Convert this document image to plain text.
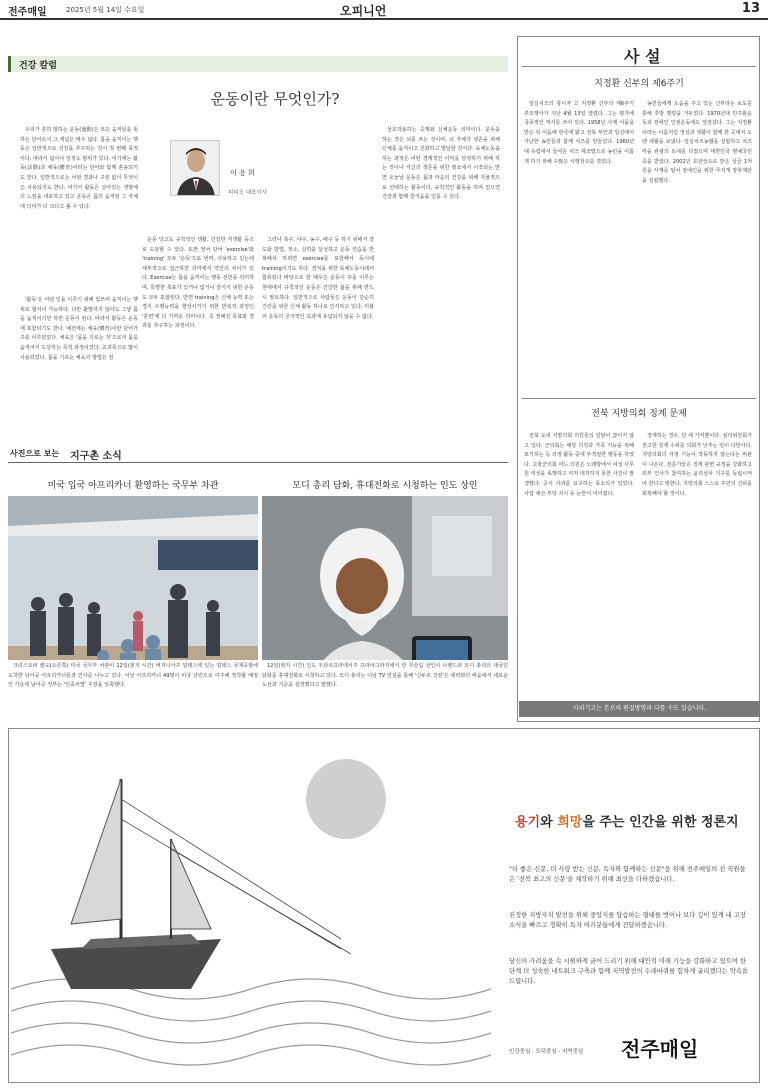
전주매일	2025년 5월 14일 수요일	오피니언	13
건강 칼럼
운동이란 무엇인가?

우리가 흔히 말하는 운동(運動)은 모든 움직임을 뜻하는 단어로서 그 개념은 매우 넓다. 몸을 움직이는 행동은 일반적으로 건강을 추구하는 것이 첫 번째 목적이다. 따라서 넓이나 일정도 범위가 있다. 여기에는 활동(活動)과 체육(體育)이라는 단어와 함께 혼용되기도 한다. 일반적으로는 어떤 결과나 구분 없이 무엇이든 사용되기도 한다. 여기서 활동은 살아있는 생명체의 느낌을 내포하고 있고 운동은 몸의 움직임 그 자체에 의미가 더 크다고 볼 수 있다.

'활동'은 어떤 일을 이루기 위해 힘쓰며 움직이는 행위로 협서이 가능하다. 다만 활발하지 않아도 그냥 몸을 움직이기만 하면 운동이 된다. 따라서 활동은 운동에 포함되기도 한다. 예전에는 체육(體育)이란 단어가 주를 이루었었다. 체육은 '몸을 기르는 것'으로서 몸을 움직여서 도달하는 목적 과정이었다. 교과목으로 많이 사용되었다. 몸을 기르는 체육의 방법은 전

이 응 희
피티모 대표이사

운동 당고도 규칙적인 생활, 건강한 식생활 등으로 도달할 수 있다. 또한 영어 단어 'exercise'와 'training' 모두 '운동'으로 번역, 사용하고 있는데 세부적으로 접근하면 의미에서 약간의 차이가 있다. Exercise는 몸을 움직이는 행동 전반을 의미하며, 특별한 목표가 있거나 없거나 즐기기 위한 운동도 모두 포함된다. 반면 training은 신체 능력 또는 경기 수행능력을 향상시키기 위한 반복적 과정인 '훈련'에 더 가까운 의미이다. 즉 정해진 목표와 결과를 추구하는 과정이다.

그러나 축구, 야구, 농구, 배구 등 하기 위해서 강도와 방법, 정소, 실력을 달성하고 운동 연습을 반복해서 하려면 exercise를 포함해서 동시에 training이기도 하다. 경직을 위한 목체노동이래서 합류된다 바탕으로 한 배우든 운동이 주를 이루는 현대에서 규칙적인 운동은 건강한 삶을 위해 반드시 필요하다. 일반적으로 사람들은 운동이 단순히 건강을 위한 신체 활동 하나로 인식하고 있다. 미불어 운동의 궁극적인 효과에 유념되지 않을 수 없다.

상호작용하는 중재와 신체운동 의미이다. 운동을 하는 것은 뇌를 쓰는 것이며, 뇌 자체가 생존을 위해 신체를 움직이고 진화하고 발달한 것이다. 육체노동을 하는 과정은 어떤 경제적인 이익을 달성하기 위해 하는 것이나 자신의 생존을 위한 필요에서 시작되는 반면 오늘날 운동은 몸과 마음의 건강을 위해 자율적으로 선택하는 활동이다. 규칙적인 활동을 하며 얻으면 건강과 함께 즐거움을 얻을 수 있다.

사 설
지정환 신부의 제6주기

임실치즈의 창시자 고 지정환 신부의 제6주기 추모행사가 지난 4월 13일 열렸다. 그는 평가에 국종적인 역사를 쓰여 있다. 1958년 사제 서품을 받은 뒤 이듬해 한국에 왔고 전북 부안과 임실에서 가난한 농민들과 함께 치즈를 만들었다. 1960년대 유럽에서 들여온 치즈 제조법으로 농민을 이롭게 하기 위해 수많은 시행착오를 겪었다.

농민들에게 도움을 주고 있는 신부라는 보도를 통해 추방 명령을 거두었다. 1970년대 민주화운동과 장애인 인권운동에도 앞장섰다. 그는 지정환이라는 이름처럼 정성과 생활이 함께 한 곳에서 오랜 세월을 보냈다. 임실치즈농협을 설립하고 치즈마을 관광의 토대를 다졌으며 대한민국 명예국민증을 받았다. 2002년 호암상으로 받은 상금 1억 원을 사재를 털어 장애인을 위한 무지개 장학재단을 설립했다.

전북 지방의회 징계 문제

전북 도내 지방의회 의원들의 일탈이 끊이지 않고 있다. 군의회는 해당 의원과 가족 기능을 위해 포기하는 등 의정 활동 중에 부적절한 행동을 하였다. 고창군의회 어느 의원은 노래방에서 여성 사무원 여성을 폭행하고 미처 대처하지 못한 사건이 발생했다. 공식 사과를 요구하는 목소리가 있었다. 사업 예산 부당 지시 등 논란이 이어졌다.

징계하는 경우, 단 세 가지뿐이다. 심의위원회가 권고한 징계 수위를 의회가 낮추는 일이 다반사다. 지방의회의 자정 기능이 작동하지 않는다는 비판이 나온다. 전문가들은 징계 관련 규정을 강화하고 외부 인사가 참여하는 윤리심사 기구를 독립시켜야 한다고 말한다. 지방의회 스스로 주민의 신뢰를 회복해야 할 것이다.

사외기고는 본보의 편집방향과 다를 수도 있습니다.
사진으로 보는 지구촌 소식
미국 입국 아프리카너 환영하는 국무부 차관	모디 총리 담화, 휴대전화로 시청하는 인도 상인

크리스토퍼 랜도(오른쪽) 미국 국무부 차관이 12일(현지 시간) 버지니아주 덜레스에 있는 덜레스 국제공항에 도착한 남아공 아프리카너들과 인사를 나누고 있다. 이날 아프리카너 49명이 미국 난민으로 이주해 정착할 예정인 가운데 남아공 정부는 '인종차별' 주장을 일축했다.

12일(현지 시간) 인도 우타르프라데시주 프라야그라지에서 한 무슬림 상인이 나렌드라 모디 총리의 대국민 담화를 휴대전화로 시청하고 있다. 모디 총리는 이날 TV 연설을 통해 '신두르 작전'은 테러와의 싸움에서 새로운 노선과 기준을 설정했다고 말했다.

용기와 희망을 주는 인간을 위한 정론지
"더 좋은 신문, 더 사랑 받는 신문, 독자와 함께하는 신문"을 위해 전주매일의 전 직원들은 '전북 최고의 신문'을 제작하기 위해 최선을 다하겠습니다.
진정한 지방자치 발전을 위해 중앙지를 답습하는 형태를 벗어나 보다 깊이 있게 내 고장 소식을 빠르고 정확히 독자 여러분들에게 전달하겠습니다.
당신의 가려움을 속 시원하게 긁어 드리기 위해 대안적 미래 기능을 강화하고 있으며 한 단계 더 성숙한 네트워크 구축과 함께 지역발전의 수레바퀴를 힘차게 굴리겠다는 약속을 드립니다.
인간중심 · 도덕중심 · 지역중심 전주매일
